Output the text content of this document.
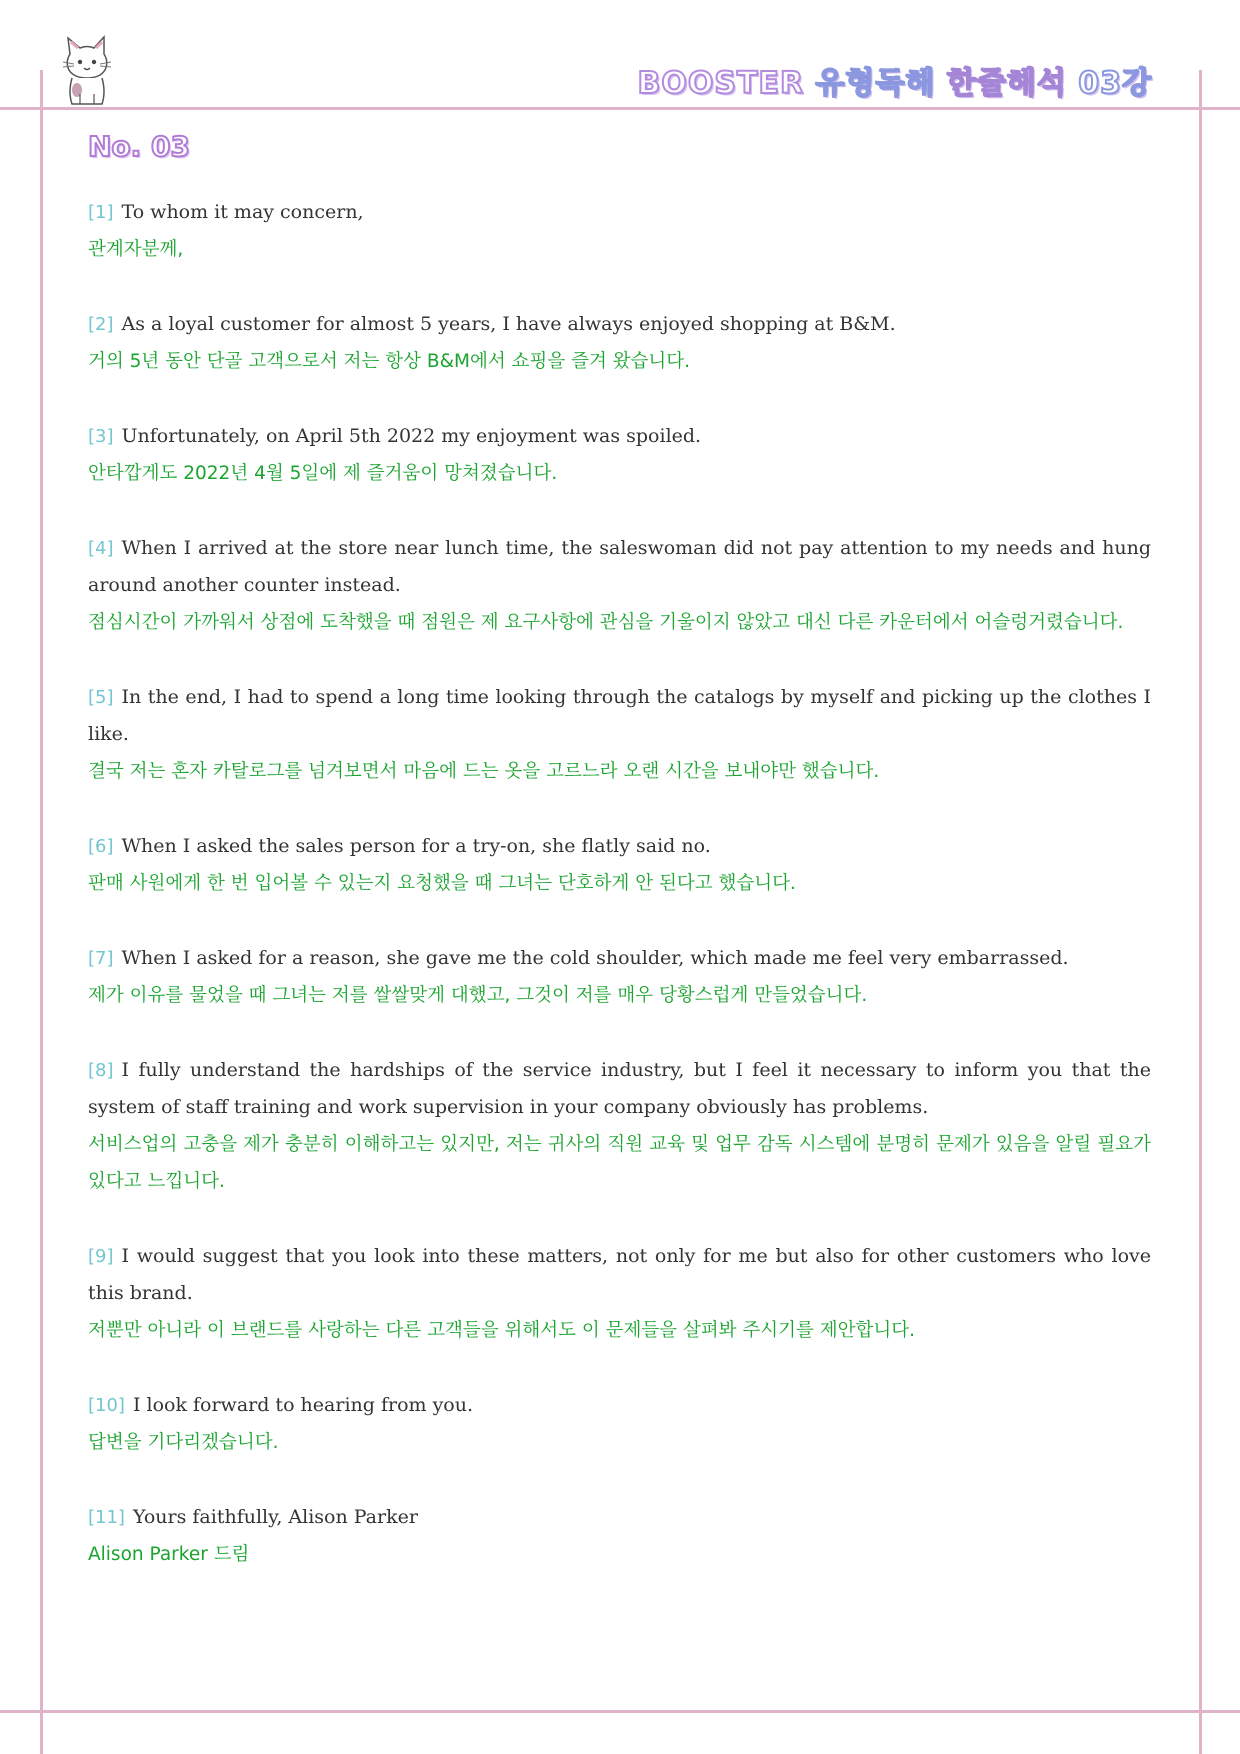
BOOSTER 유형독해 한줄해석 03강
No. 03
[1] To whom it may concern,
관계자분께,
[2] As a loyal customer for almost 5 years, I have always enjoyed shopping at B&M.
거의 5년 동안 단골 고객으로서 저는 항상 B&M에서 쇼핑을 즐겨 왔습니다.
[3] Unfortunately, on April 5th 2022 my enjoyment was spoiled.
안타깝게도 2022년 4월 5일에 제 즐거움이 망쳐졌습니다.
[4] When I arrived at the store near lunch time, the saleswoman did not pay attention to my needs and hung around another counter instead.
점심시간이 가까워서 상점에 도착했을 때 점원은 제 요구사항에 관심을 기울이지 않았고 대신 다른 카운터에서 어슬렁거렸습니다.
[5] In the end, I had to spend a long time looking through the catalogs by myself and picking up the clothes I like.
결국 저는 혼자 카탈로그를 넘겨보면서 마음에 드는 옷을 고르느라 오랜 시간을 보내야만 했습니다.
[6] When I asked the sales person for a try-on, she flatly said no.
판매 사원에게 한 번 입어볼 수 있는지 요청했을 때 그녀는 단호하게 안 된다고 했습니다.
[7] When I asked for a reason, she gave me the cold shoulder, which made me feel very embarrassed.
제가 이유를 물었을 때 그녀는 저를 쌀쌀맞게 대했고, 그것이 저를 매우 당황스럽게 만들었습니다.
[8] I fully understand the hardships of the service industry, but I feel it necessary to inform you that the system of staff training and work supervision in your company obviously has problems.
서비스업의 고충을 제가 충분히 이해하고는 있지만, 저는 귀사의 직원 교육 및 업무 감독 시스템에 분명히 문제가 있음을 알릴 필요가 있다고 느낍니다.
[9] I would suggest that you look into these matters, not only for me but also for other customers who love this brand.
저뿐만 아니라 이 브랜드를 사랑하는 다른 고객들을 위해서도 이 문제들을 살펴봐 주시기를 제안합니다.
[10] I look forward to hearing from you.
답변을 기다리겠습니다.
[11] Yours faithfully, Alison Parker
Alison Parker 드림
